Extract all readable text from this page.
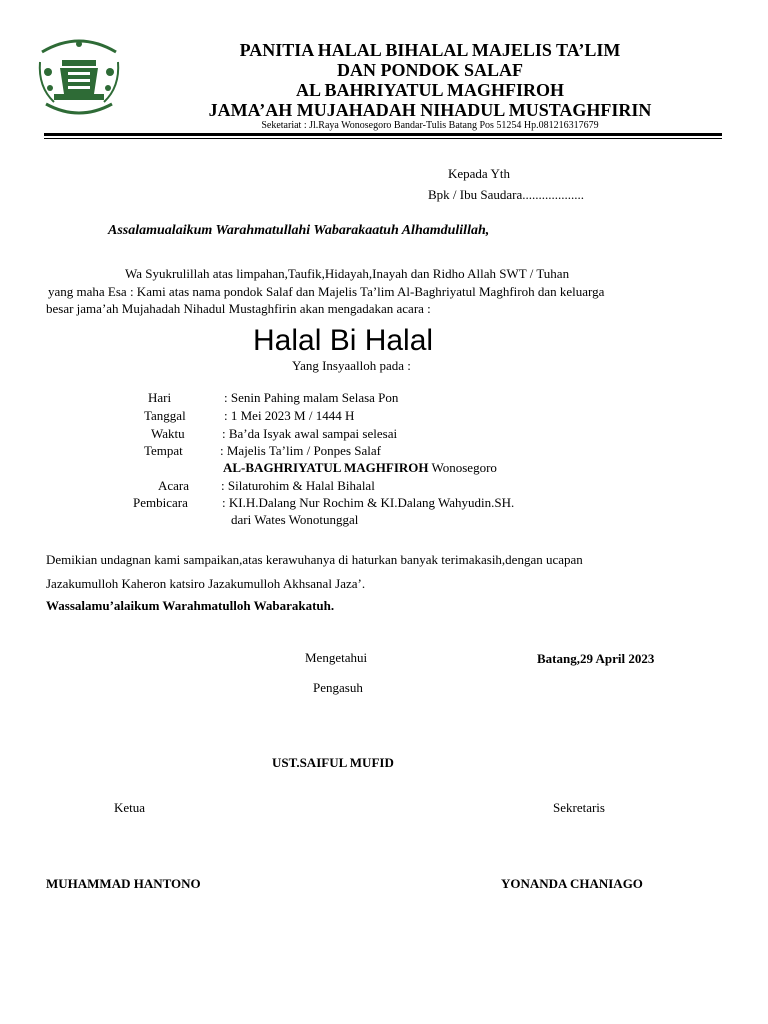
PANITIA HALAL BIHALAL MAJELIS TA’LIM
DAN PONDOK SALAF
AL BAHRIYATUL MAGHFIROH
JAMA’AH MUJAHADAH NIHADUL MUSTAGHFIRIN
Seketariat : Jl.Raya Wonosegoro Bandar-Tulis Batang Pos 51254 Hp.081216317679
Kepada Yth
Bpk / Ibu Saudara...................
Assalamualaikum Warahmatullahi Wabarakaatuh Alhamdulillah,
Wa Syukrulillah atas limpahan,Taufik,Hidayah,Inayah dan Ridho Allah SWT / Tuhan
yang maha Esa : Kami atas nama pondok Salaf dan Majelis Ta’lim Al-Baghriyatul Maghfiroh dan keluarga
besar jama’ah Mujahadah Nihadul Mustaghfirin akan mengadakan acara :
Halal Bi Halal
Yang Insyaalloh pada :
Hari	: Senin Pahing malam Selasa Pon
Tanggal	: 1 Mei 2023 M / 1444 H
Waktu	: Ba’da Isyak awal sampai selesai
Tempat	: Majelis Ta’lim / Ponpes Salaf
AL-BAGHRIYATUL MAGHFIROH Wonosegoro
Acara : Silaturohim & Halal Bihalal
Pembicara	: KI.H.Dalang Nur Rochim & KI.Dalang Wahyudin.SH.
dari Wates Wonotunggal
Demikian undagnan kami sampaikan,atas kerawuhanya di haturkan banyak terimakasih,dengan ucapan
Jazakumulloh Kaheron katsiro Jazakumulloh Akhsanal Jaza’.
Wassalamu’alaikum Warahmatulloh Wabarakatuh.
Mengetahui	Batang,29 April 2023
Pengasuh
UST.SAIFUL MUFID
Ketua	Sekretaris
MUHAMMAD HANTONO	YONANDA CHANIAGO
